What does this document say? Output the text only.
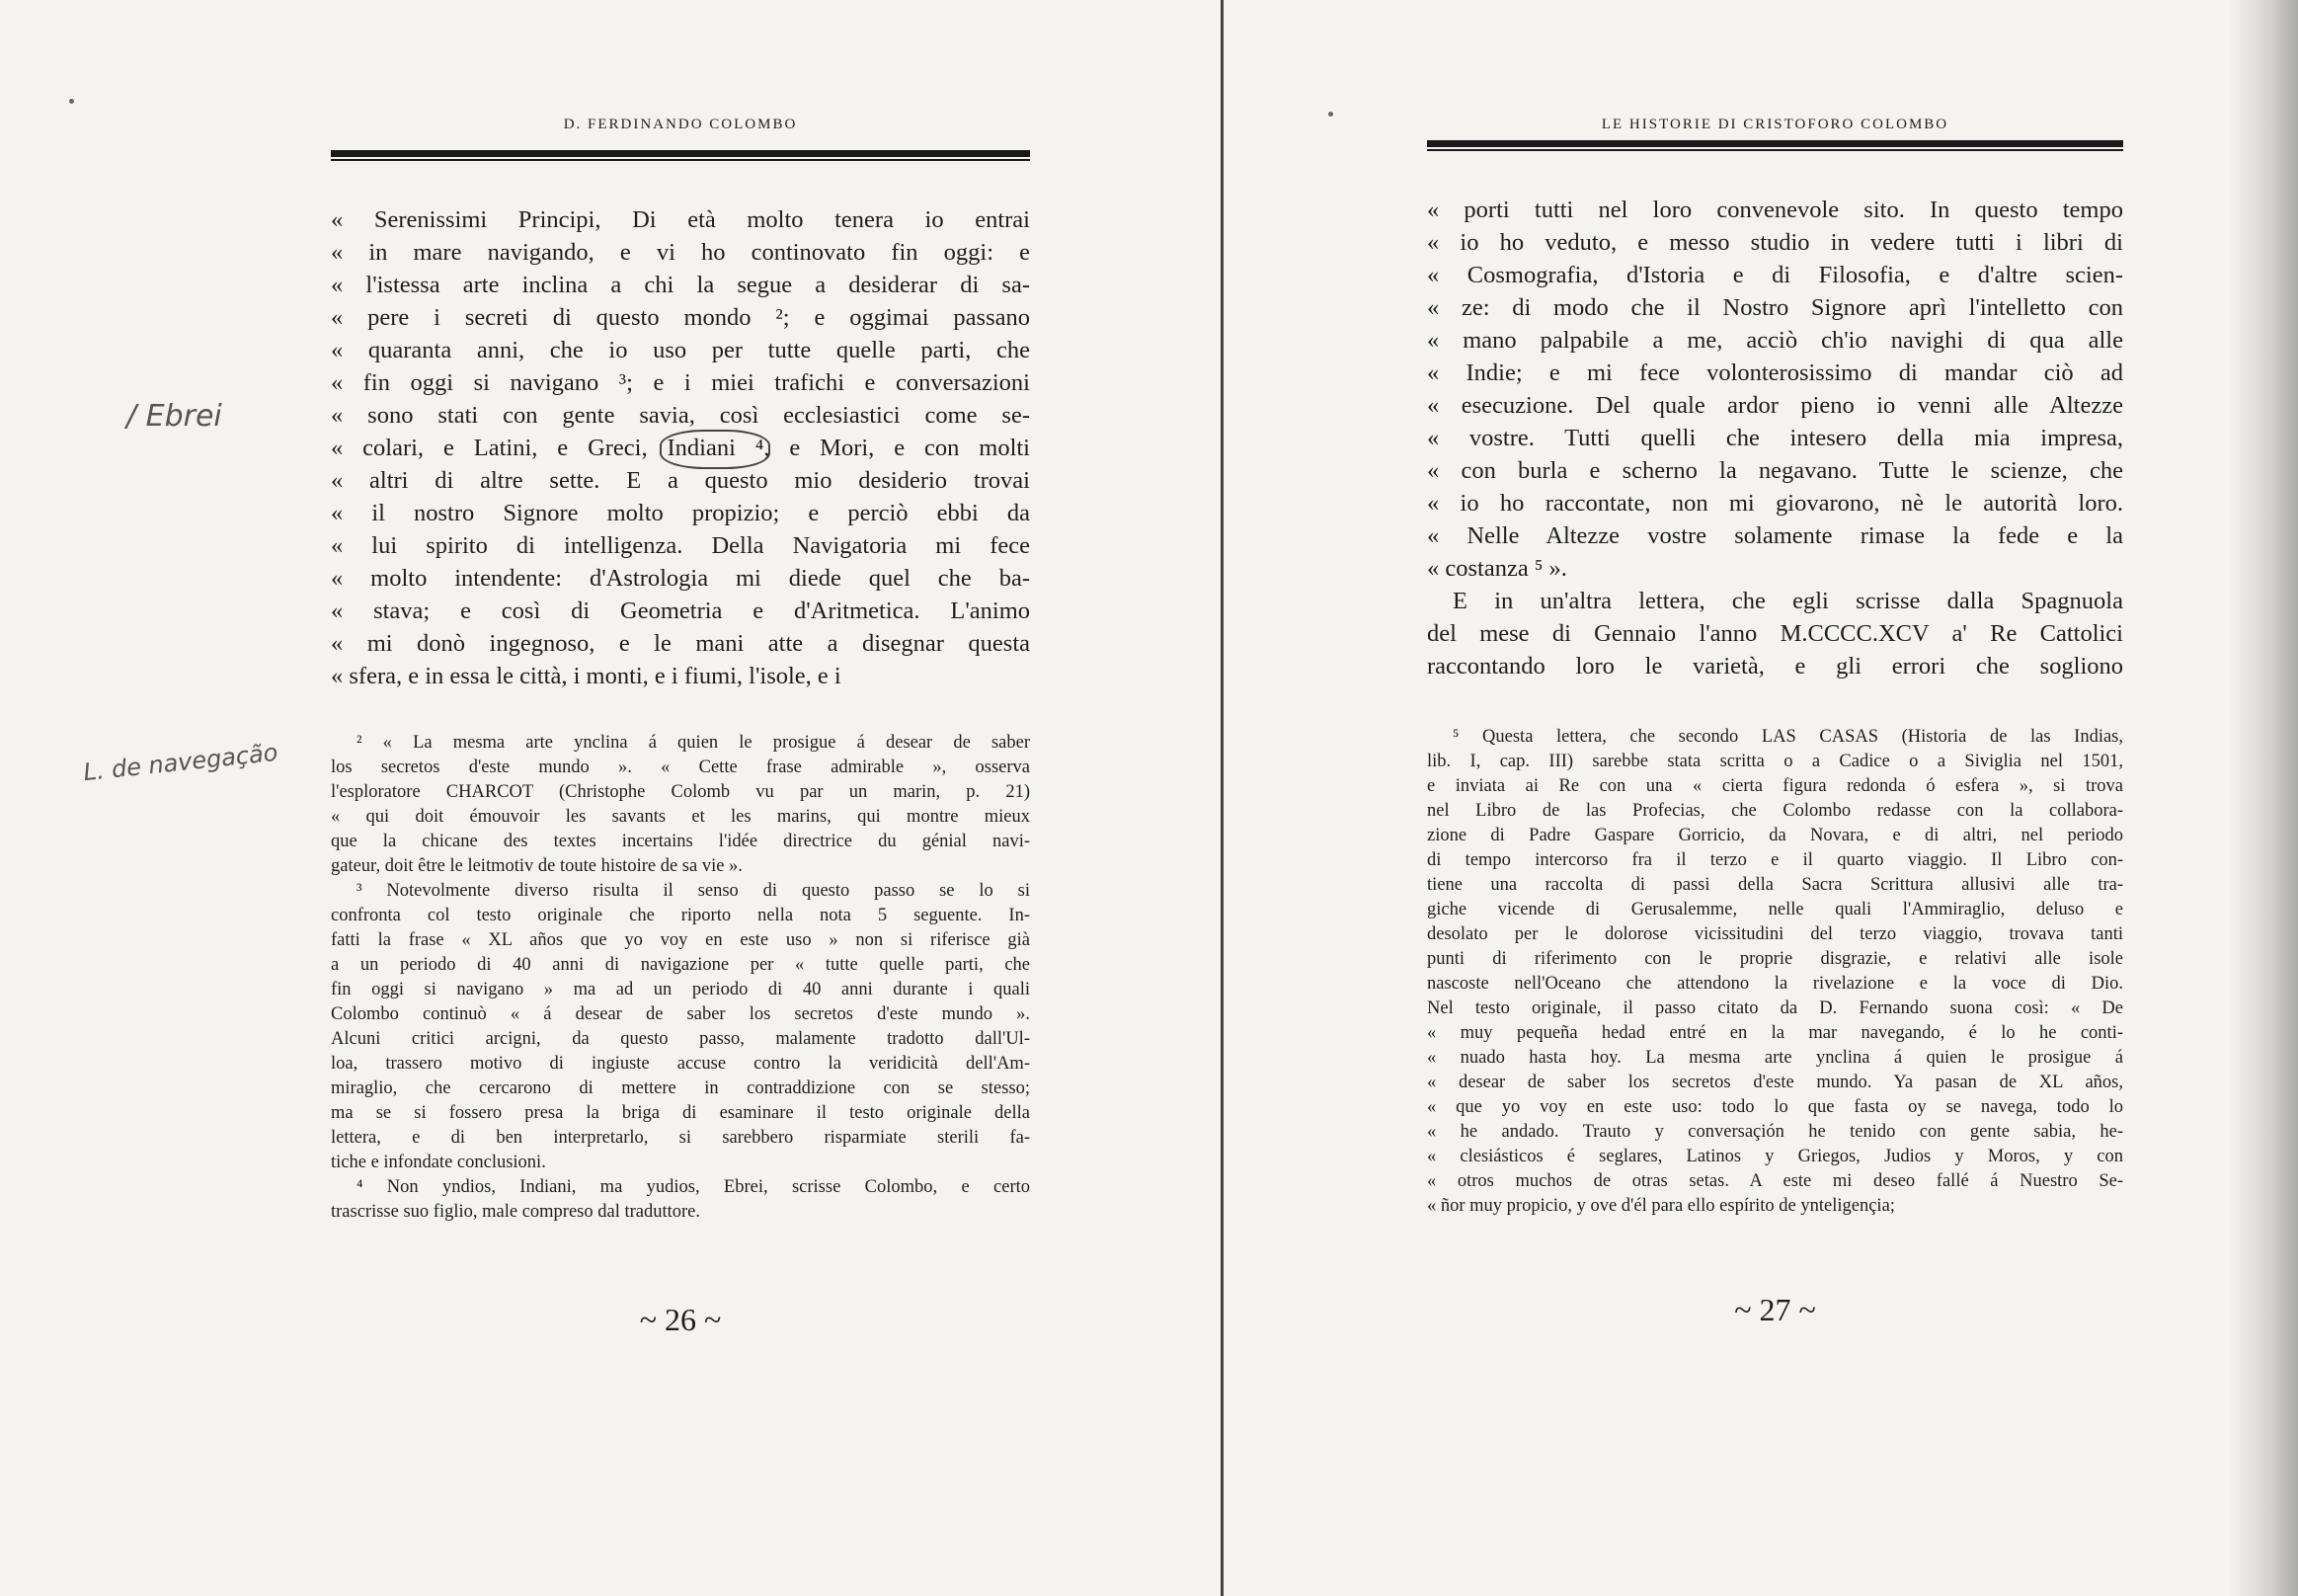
D. FERDINANDO COLOMBO
« Serenissimi Principi, Di età molto tenera io entrai
« in mare navigando, e vi ho continovato fin oggi: e
« l'istessa arte inclina a chi la segue a desiderar di sa-
« pere i secreti di questo mondo ²; e oggimai passano
« quaranta anni, che io uso per tutte quelle parti, che
« fin oggi si navigano ³; e i miei trafichi e conversazioni
« sono stati con gente savia, così ecclesiastici come se-
« colari, e Latini, e Greci, Indiani ⁴, e Mori, e con molti
« altri di altre sette. E a questo mio desiderio trovai
« il nostro Signore molto propizio; e perciò ebbi da
« lui spirito di intelligenza. Della Navigatoria mi fece
« molto intendente: d'Astrologia mi diede quel che ba-
« stava; e così di Geometria e d'Aritmetica. L'animo
« mi donò ingegnoso, e le mani atte a disegnar questa
« sfera, e in essa le città, i monti, e i fiumi, l'isole, e i
² « La mesma arte ynclina á quien le prosigue á desear de saber
los secretos d'este mundo ». « Cette frase admirable », osserva
l'esploratore CHARCOT (Christophe Colomb vu par un marin, p. 21)
« qui doit émouvoir les savants et les marins, qui montre mieux
que la chicane des textes incertains l'idée directrice du génial navi-
gateur, doit être le leitmotiv de toute histoire de sa vie ».
³ Notevolmente diverso risulta il senso di questo passo se lo si
confronta col testo originale che riporto nella nota 5 seguente. In-
fatti la frase « XL años que yo voy en este uso » non si riferisce già
a un periodo di 40 anni di navigazione per « tutte quelle parti, che
fin oggi si navigano » ma ad un periodo di 40 anni durante i quali
Colombo continuò « á desear de saber los secretos d'este mundo ».
Alcuni critici arcigni, da questo passo, malamente tradotto dall'Ul-
loa, trassero motivo di ingiuste accuse contro la veridicità dell'Am-
miraglio, che cercarono di mettere in contraddizione con se stesso;
ma se si fossero presa la briga di esaminare il testo originale della
lettera, e di ben interpretarlo, si sarebbero risparmiate sterili fa-
tiche e infondate conclusioni.
⁴ Non yndios, Indiani, ma yudios, Ebrei, scrisse Colombo, e certo
trascrisse suo figlio, male compreso dal traduttore.
~ 26 ~
/ Ebrei
L. de navegação
LE HISTORIE DI CRISTOFORO COLOMBO
« porti tutti nel loro convenevole sito. In questo tempo
« io ho veduto, e messo studio in vedere tutti i libri di
« Cosmografia, d'Istoria e di Filosofia, e d'altre scien-
« ze: di modo che il Nostro Signore aprì l'intelletto con
« mano palpabile a me, acciò ch'io navighi di qua alle
« Indie; e mi fece volonterosissimo di mandar ciò ad
« esecuzione. Del quale ardor pieno io venni alle Altezze
« vostre. Tutti quelli che intesero della mia impresa,
« con burla e scherno la negavano. Tutte le scienze, che
« io ho raccontate, non mi giovarono, nè le autorità loro.
« Nelle Altezze vostre solamente rimase la fede e la
« costanza ⁵ ».
E in un'altra lettera, che egli scrisse dalla Spagnuola
del mese di Gennaio l'anno M.CCCC.XCV a' Re Cattolici
raccontando loro le varietà, e gli errori che sogliono
⁵ Questa lettera, che secondo LAS CASAS (Historia de las Indias,
lib. I, cap. III) sarebbe stata scritta o a Cadice o a Siviglia nel 1501,
e inviata ai Re con una « cierta figura redonda ó esfera », si trova
nel Libro de las Profecias, che Colombo redasse con la collabora-
zione di Padre Gaspare Gorricio, da Novara, e di altri, nel periodo
di tempo intercorso fra il terzo e il quarto viaggio. Il Libro con-
tiene una raccolta di passi della Sacra Scrittura allusivi alle tra-
giche vicende di Gerusalemme, nelle quali l'Ammiraglio, deluso e
desolato per le dolorose vicissitudini del terzo viaggio, trovava tanti
punti di riferimento con le proprie disgrazie, e relativi alle isole
nascoste nell'Oceano che attendono la rivelazione e la voce di Dio.
Nel testo originale, il passo citato da D. Fernando suona così: « De
« muy pequeña hedad entré en la mar navegando, é lo he conti-
« nuado hasta hoy. La mesma arte ynclina á quien le prosigue á
« desear de saber los secretos d'este mundo. Ya pasan de XL años,
« que yo voy en este uso: todo lo que fasta oy se navega, todo lo
« he andado. Trauto y conversaçión he tenido con gente sabia, he-
« clesiásticos é seglares, Latinos y Griegos, Judios y Moros, y con
« otros muchos de otras setas. A este mi deseo fallé á Nuestro Se-
« ñor muy propicio, y ove d'él para ello espírito de ynteligençia;
~ 27 ~
